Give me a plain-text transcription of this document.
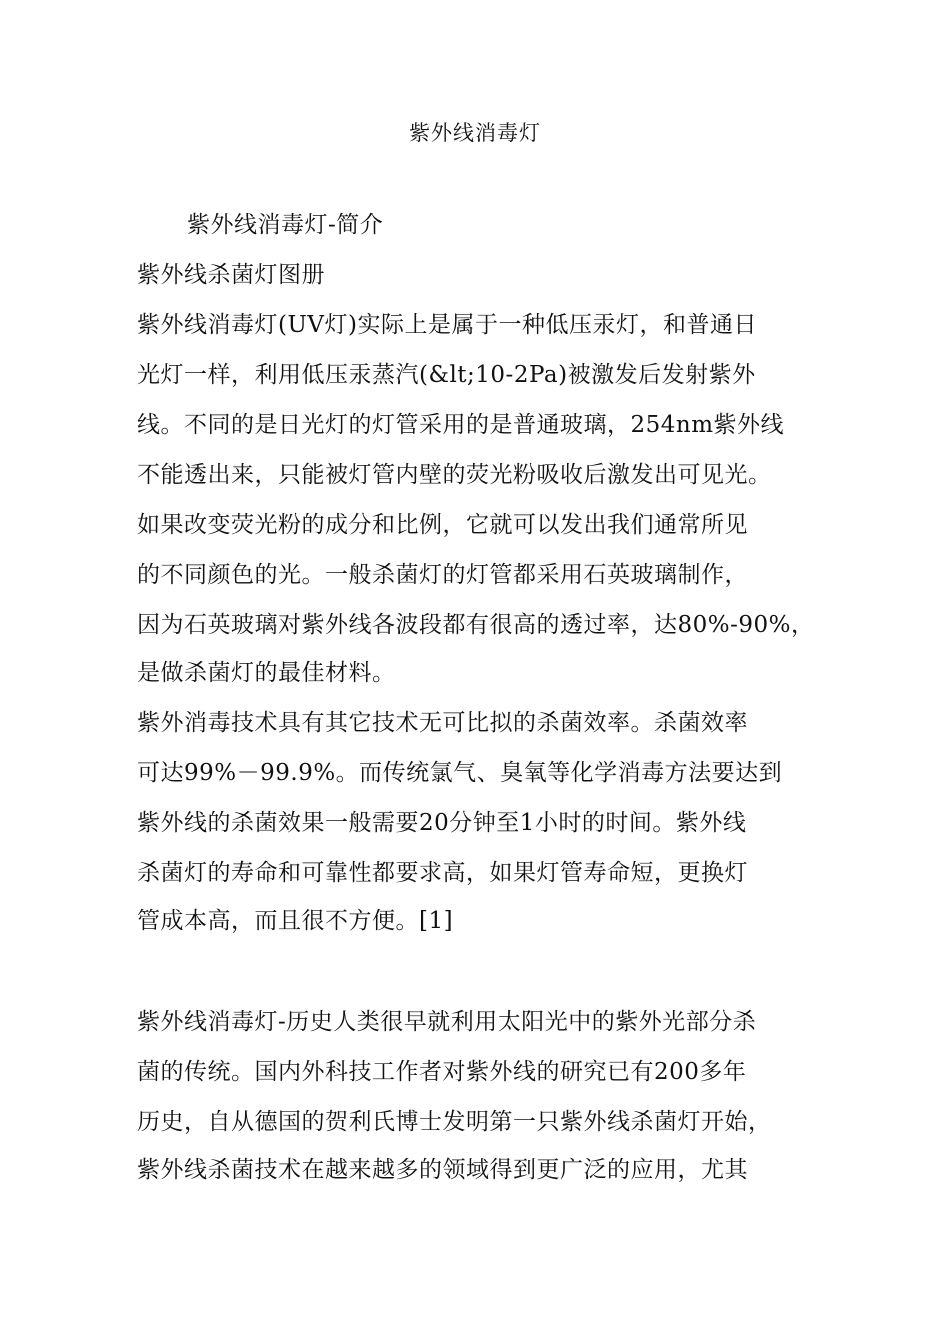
紫外线消毒灯
紫外线消毒灯-简介
紫外线杀菌灯图册
紫外线消毒灯(UV灯)实际上是属于一种低压汞灯，和普通日
光灯一样，利用低压汞蒸汽(&lt;10-2Pa)被激发后发射紫外
线。不同的是日光灯的灯管采用的是普通玻璃，254nm紫外线
不能透出来，只能被灯管内壁的荧光粉吸收后激发出可见光。
如果改变荧光粉的成分和比例，它就可以发出我们通常所见
的不同颜色的光。一般杀菌灯的灯管都采用石英玻璃制作，
因为石英玻璃对紫外线各波段都有很高的透过率，达80%-90%，
是做杀菌灯的最佳材料。
紫外消毒技术具有其它技术无可比拟的杀菌效率。杀菌效率
可达99%－99.9%。而传统氯气、臭氧等化学消毒方法要达到
紫外线的杀菌效果一般需要20分钟至1小时的时间。紫外线
杀菌灯的寿命和可靠性都要求高，如果灯管寿命短，更换灯
管成本高，而且很不方便。[1]
紫外线消毒灯-历史人类很早就利用太阳光中的紫外光部分杀
菌的传统。国内外科技工作者对紫外线的研究已有200多年
历史，自从德国的贺利氏博士发明第一只紫外线杀菌灯开始，
紫外线杀菌技术在越来越多的领域得到更广泛的应用，尤其
